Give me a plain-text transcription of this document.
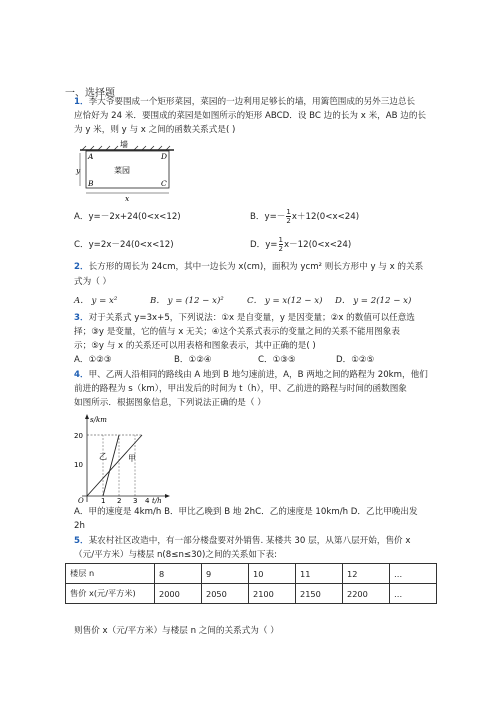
一、选择题
1．李大爷要围成一个矩形菜园，菜园的一边利用足够长的墙，用篱笆围成的另外三边总长
应恰好为 24 米．要围成的菜园是如图所示的矩形 ABCD．设 BC 边的长为 x 米，AB 边的长
为 y 米，则 y 与 x 之间的函数关系式是( )
墙
A	D
B	C
菜园
y
x
A．y=－2x+24(0<x<12)	B．$y=- \frac{1}{2} x+12(0<x<24)$
C．y=2x－24(0<x<12)	D．$y= \frac{1}{2} x-12(0<x<24)$
2．长方形的周长为 24cm，其中一边长为 x(cm)，面积为 ycm² 则长方形中 y 与 x 的关系
式为（ ）
A． y = x²	B． y = (12 − x)²	C． y = x(12 − x) D． y = 2(12 − x)
3．对于关系式 y=3x+5，下列说法：①x 是自变量，y 是因变量；②x 的数值可以任意选
择；③y 是变量，它的值与 x 无关；④这个关系式表示的变量之间的关系不能用图象表
示；⑤y 与 x 的关系还可以用表格和图象表示，其中正确的是( )
A．①②③	B．①②④	C．①③⑤	D．①②⑤
4．甲、乙两人沿相同的路线由 A 地到 B 地匀速前进，A，B 两地之间的路程为 20km，他们
前进的路程为 s（km），甲出发后的时间为 t（h），甲、乙前进的路程与时间的函数图象
如图所示．根据图象信息，下列说法正确的是（ ）
s/km
t/h
O
20
10
乙	甲
1 2 3 4
A．甲的速度是 4km/h B．甲比乙晚到 B 地 2hC．乙的速度是 10km/h D．乙比甲晚出发
2h
5．某农村社区改造中，有一部分楼盘要对外销售. 某楼共 30 层，从第八层开始，售价 x
（元/平方米）与楼层 n(8≤n≤30)之间的关系如下表:
楼层 n	8	9	10	11	12	…
售价 x(元/平方米)	2000	2050	2100	2150	2200	…
则售价 x（元/平方米）与楼层 n 之间的关系式为（ ）
